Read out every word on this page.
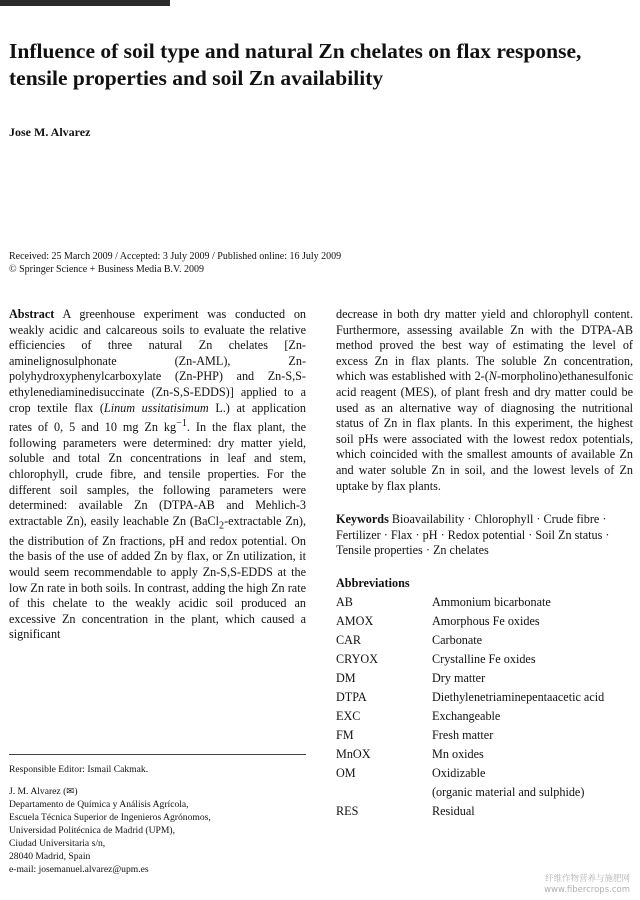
Influence of soil type and natural Zn chelates on flax response, tensile properties and soil Zn availability
Jose M. Alvarez
Received: 25 March 2009 / Accepted: 3 July 2009 / Published online: 16 July 2009
© Springer Science + Business Media B.V. 2009

Abstract A greenhouse experiment was conducted on weakly acidic and calcareous soils to evaluate the relative efficiencies of three natural Zn chelates [Zn-aminelignosulphonate (Zn-AML), Zn-polyhydroxyphenylcarboxylate (Zn-PHP) and Zn-S,S-ethylenediaminedisuccinate (Zn-S,S-EDDS)] applied to a crop textile flax (Linum ussitatisimum L.) at application rates of 0, 5 and 10 mg Zn $kg^{-1}$. In the flax plant, the following parameters were determined: dry matter yield, soluble and total Zn concentrations in leaf and stem, chlorophyll, crude fibre, and tensile properties. For the different soil samples, the following parameters were determined: available Zn (DTPA-AB and Mehlich-3 extractable Zn), easily leachable Zn (BaCl$_2$-extractable Zn), the distribution of Zn fractions, pH and redox potential. On the basis of the use of added Zn by flax, or Zn utilization, it would seem recommendable to apply Zn-S,S-EDDS at the low Zn rate in both soils. In contrast, adding the high Zn rate of this chelate to the weakly acidic soil produced an excessive Zn concentration in the plant, which caused a significant

decrease in both dry matter yield and chlorophyll content. Furthermore, assessing available Zn with the DTPA-AB method proved the best way of estimating the level of excess Zn in flax plants. The soluble Zn concentration, which was established with 2-(N-morpholino)ethanesulfonic acid reagent (MES), of plant fresh and dry matter could be used as an alternative way of diagnosing the nutritional status of Zn in flax plants. In this experiment, the highest soil pHs were associated with the lowest redox potentials, which coincided with the smallest amounts of available Zn and water soluble Zn in soil, and the lowest levels of Zn uptake by flax plants.

Keywords Bioavailability · Chlorophyll · Crude fibre · Fertilizer · Flax · pH · Redox potential · Soil Zn status · Tensile properties · Zn chelates

Abbreviations
AB	Ammonium bicarbonate
AMOX	Amorphous Fe oxides
CAR	Carbonate
CRYOX	Crystalline Fe oxides
DM	Dry matter
DTPA	Diethylenetriaminepentaacetic acid
EXC	Exchangeable
FM	Fresh matter
MnOX	Mn oxides
OM	Oxidizable
(organic material and sulphide)
RES	Residual

Responsible Editor: Ismail Cakmak.

J. M. Alvarez (✉)

Departamento de Química y Análisis Agrícola,

Escuela Técnica Superior de Ingenieros Agrónomos,

Universidad Politécnica de Madrid (UPM),

Ciudad Universitaria s/n,

28040 Madrid, Spain

e-mail: josemanuel.alvarez@upm.es

纤维作物营养与施肥网
www.fibercrops.com
